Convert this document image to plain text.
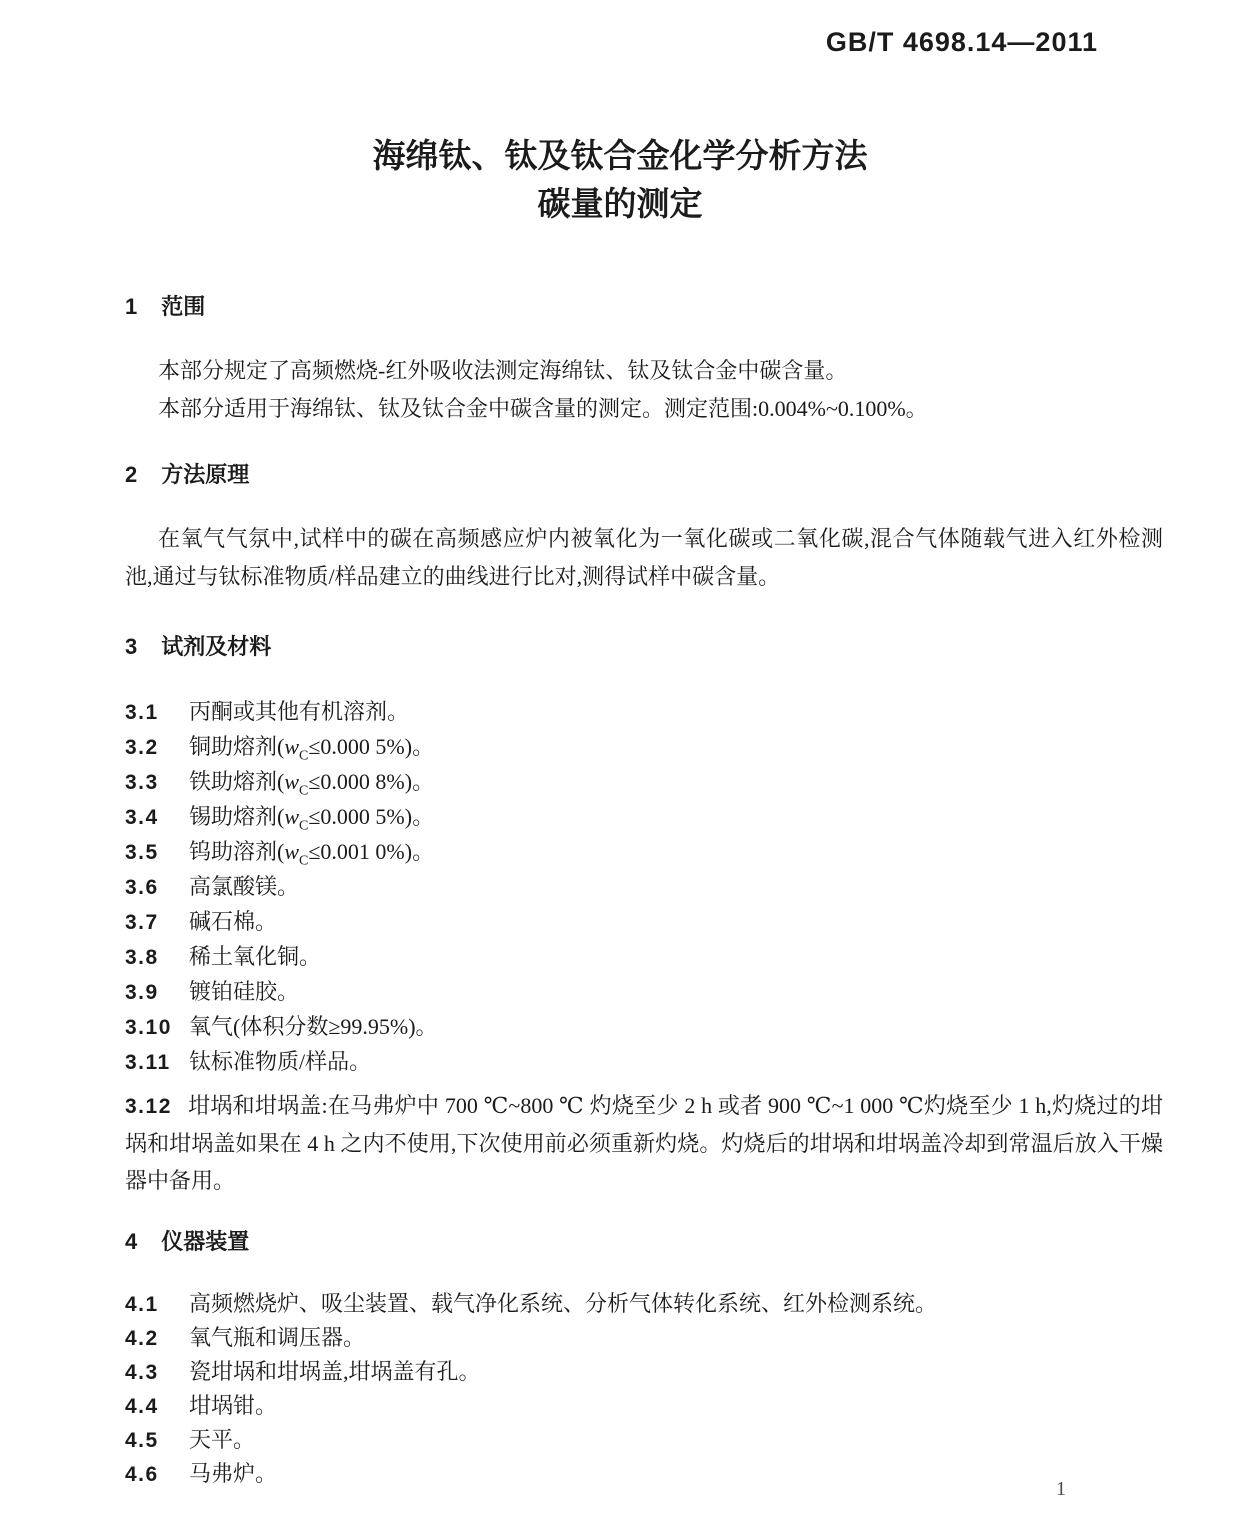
GB/T 4698.14—2011
海绵钛、钛及钛合金化学分析方法
碳量的测定
1 范围

本部分规定了高频燃烧-红外吸收法测定海绵钛、钛及钛合金中碳含量。

本部分适用于海绵钛、钛及钛合金中碳含量的测定。测定范围:0.004%~0.100%。

2 方法原理

在氧气气氛中,试样中的碳在高频感应炉内被氧化为一氧化碳或二氧化碳,混合气体随载气进入红外检测池,通过与钛标准物质/样品建立的曲线进行比对,测得试样中碳含量。

3 试剂及材料
3.1	丙酮或其他有机溶剂。
3.2	铜助熔剂($w_C\le 0.000$ 5%)。
3.3	铁助熔剂($w_C\le 0.000$ 8%)。
3.4	锡助熔剂($w_C\le 0.000$ 5%)。
3.5	钨助溶剂($w_C\le 0.001$ 0%)。
3.6	高氯酸镁。
3.7	碱石棉。
3.8	稀土氧化铜。
3.9	镀铂硅胶。
3.10 氧气(体积分数≥99.95%)。
3.11 钛标准物质/样品。

3.12 坩埚和坩埚盖:在马弗炉中 700 ℃~800 ℃ 灼烧至少 2 h 或者 900 ℃~1 000 ℃灼烧至少 1 h,灼烧过的坩埚和坩埚盖如果在 4 h 之内不使用,下次使用前必须重新灼烧。灼烧后的坩埚和坩埚盖冷却到常温后放入干燥器中备用。

4 仪器装置
4.1	高频燃烧炉、吸尘装置、载气净化系统、分析气体转化系统、红外检测系统。
4.2	氧气瓶和调压器。
4.3	瓷坩埚和坩埚盖,坩埚盖有孔。
4.4	坩埚钳。
4.5	天平。
4.6	马弗炉。
1
